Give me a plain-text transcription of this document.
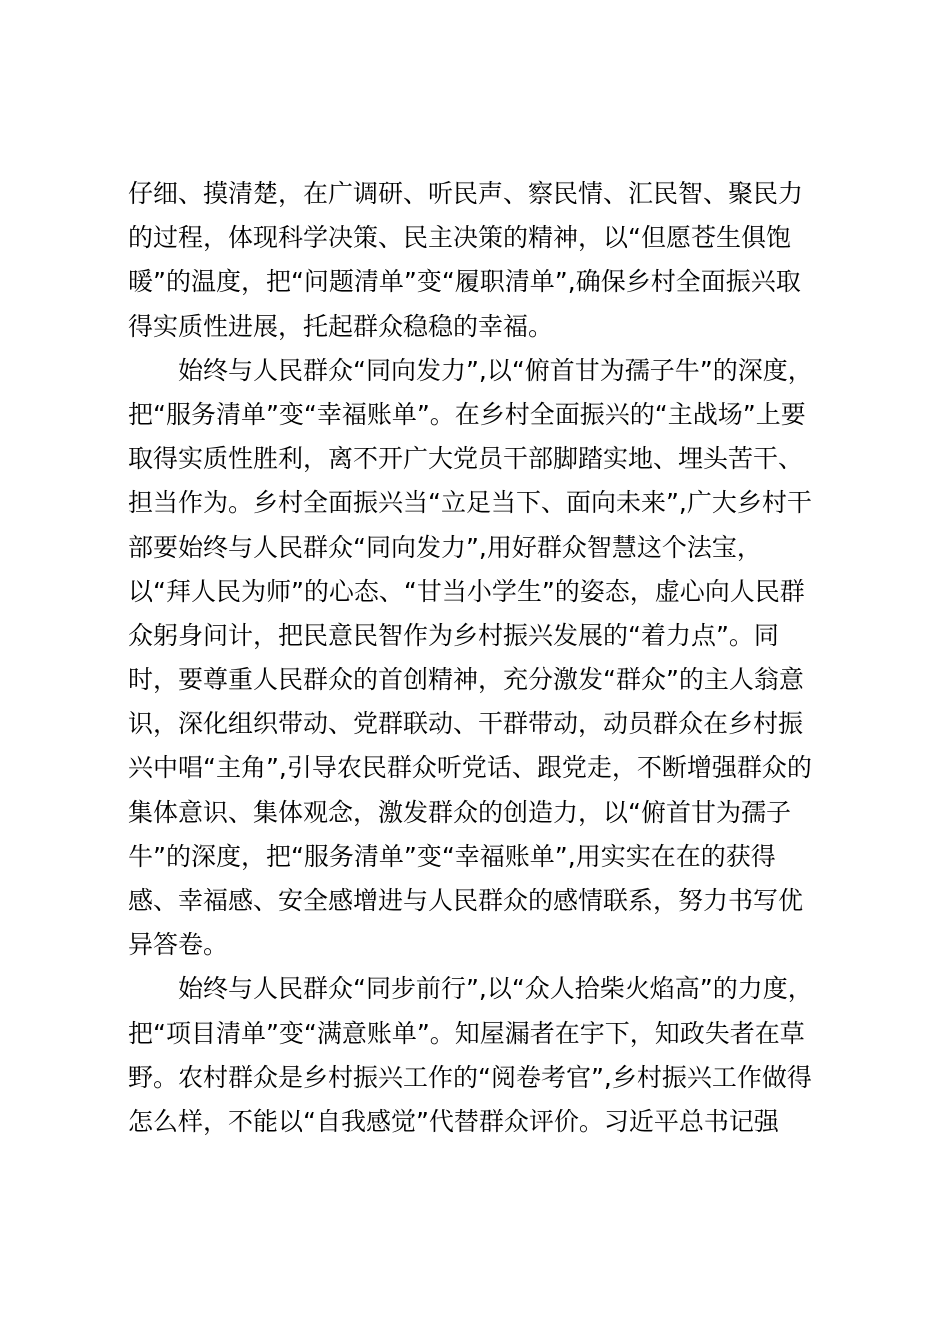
仔细、摸清楚，在广调研、听民声、察民情、汇民智、聚民力
的过程，体现科学决策、民主决策的精神，以“但愿苍生俱饱
暖”的温度，把“问题清单”变“履职清单”,确保乡村全面振兴取
得实质性进展，托起群众稳稳的幸福。
始终与人民群众“同向发力”,以“俯首甘为孺子牛”的深度，
把“服务清单”变“幸福账单”。在乡村全面振兴的“主战场”上要
取得实质性胜利，离不开广大党员干部脚踏实地、埋头苦干、
担当作为。乡村全面振兴当“立足当下、面向未来”,广大乡村干
部要始终与人民群众“同向发力”,用好群众智慧这个法宝，
以“拜人民为师”的心态、“甘当小学生”的姿态，虚心向人民群
众躬身问计，把民意民智作为乡村振兴发展的“着力点”。同
时，要尊重人民群众的首创精神，充分激发“群众”的主人翁意
识，深化组织带动、党群联动、干群带动，动员群众在乡村振
兴中唱“主角”,引导农民群众听党话、跟党走，不断增强群众的
集体意识、集体观念，激发群众的创造力，以“俯首甘为孺子
牛”的深度，把“服务清单”变“幸福账单”,用实实在在的获得
感、幸福感、安全感增进与人民群众的感情联系，努力书写优
异答卷。
始终与人民群众“同步前行”,以“众人拾柴火焰高”的力度，
把“项目清单”变“满意账单”。知屋漏者在宇下，知政失者在草
野。农村群众是乡村振兴工作的“阅卷考官”,乡村振兴工作做得
怎么样，不能以“自我感觉”代替群众评价。习近平总书记强
